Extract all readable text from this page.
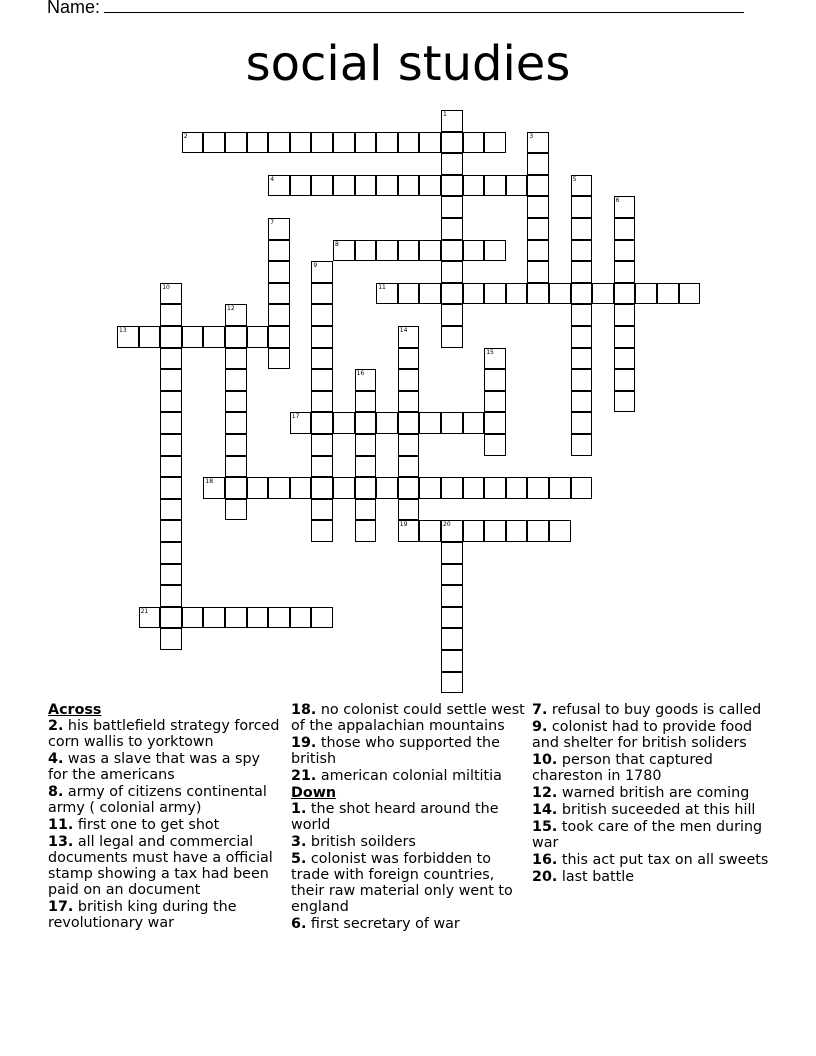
Name:
social studies
1
2	3
4	5
6
7
8
9
10	11
12
13	14
19
15
16
17
18
20
21
Across
2. his battlefield strategy forced corn wallis to yorktown
4. was a slave that was a spy for the americans
8. army of citizens continental army ( colonial army)
11. first one to get shot
13. all legal and commercial documents must have a official stamp showing a tax had been paid on an document
17. british king during the revolutionary war
18. no colonist could settle west of the appalachian mountains
19. those who supported the british
21. american colonial miltitia
Down
1. the shot heard around the world
3. british soilders
5. colonist was forbidden to trade with foreign countries, their raw material only went to england
6. first secretary of war
7. refusal to buy goods is called
9. colonist had to provide food and shelter for british soliders
10. person that captured chareston in 1780
12. warned british are coming
14. british suceeded at this hill
15. took care of the men during war
16. this act put tax on all sweets
20. last battle
